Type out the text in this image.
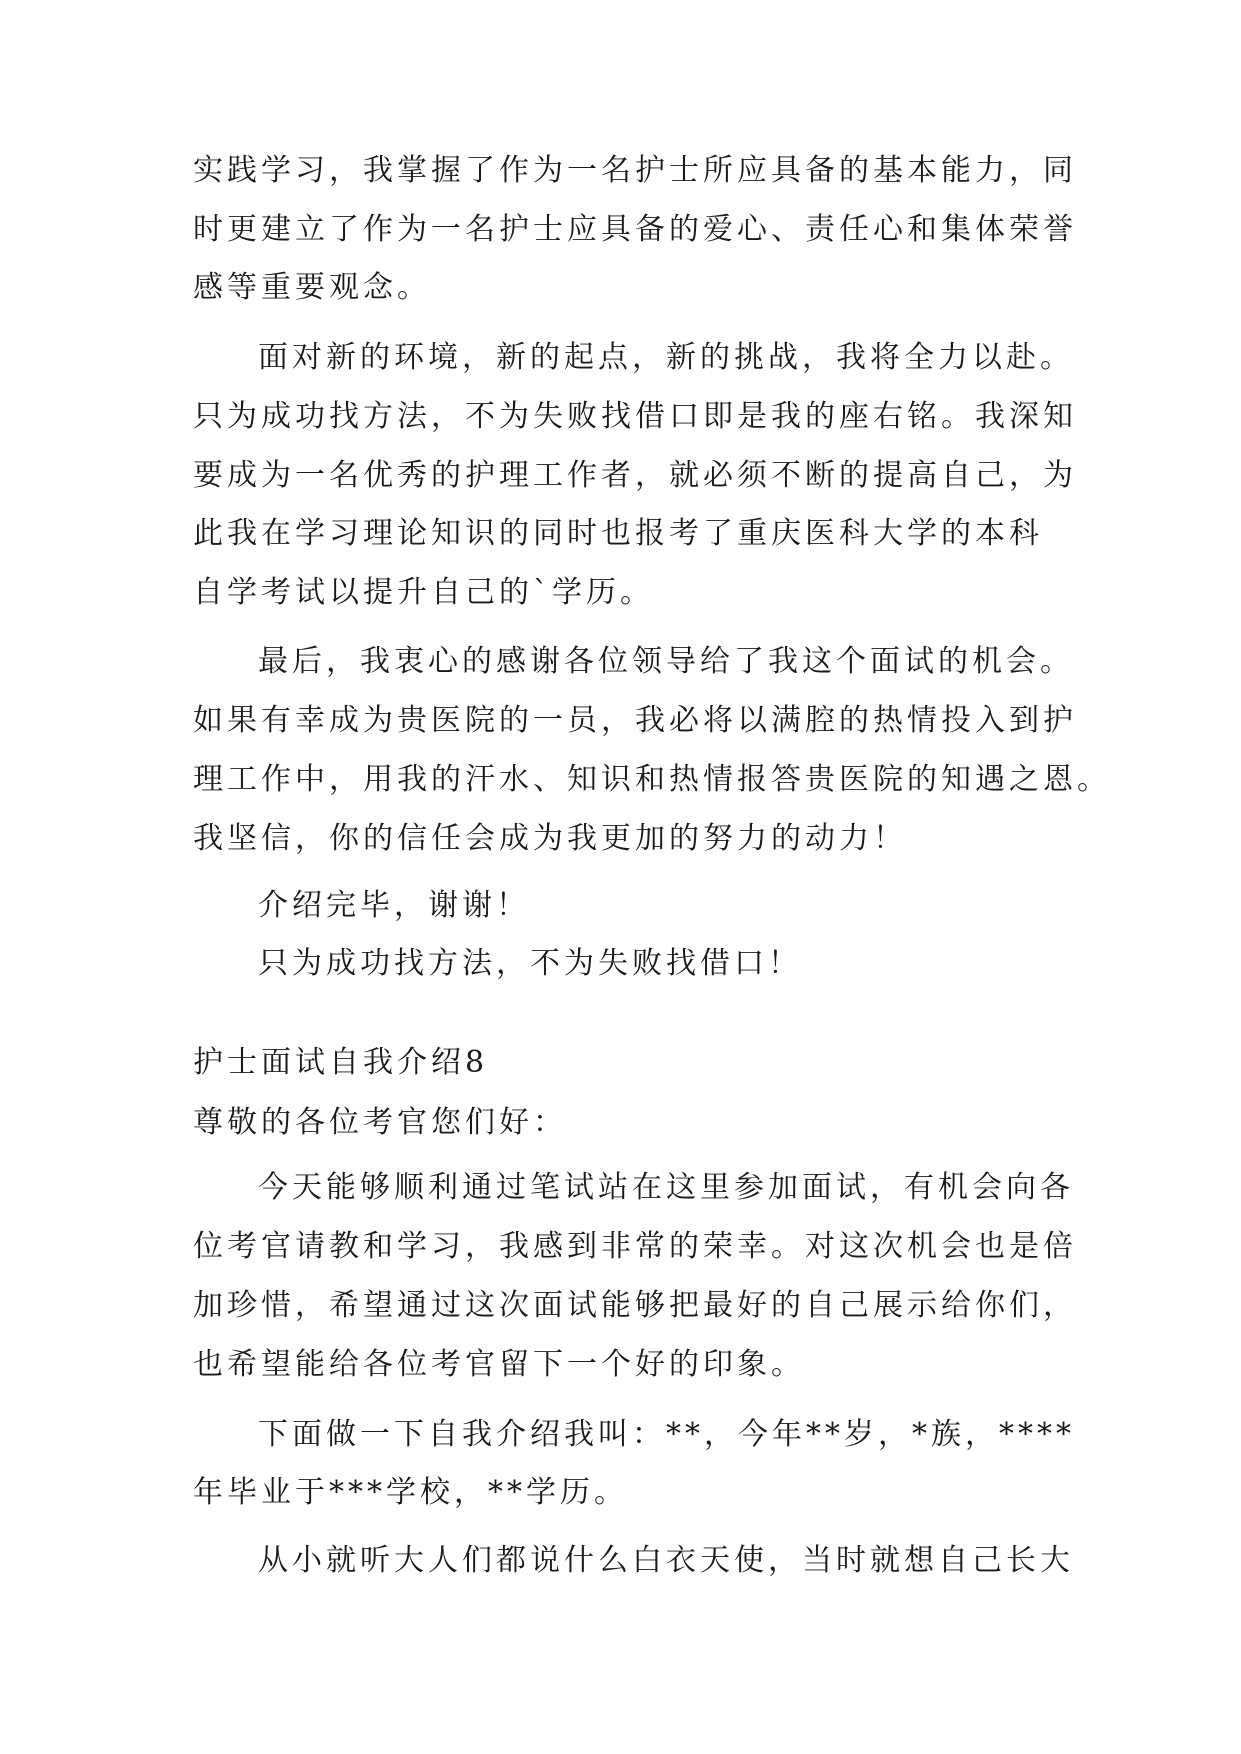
实践学习，我掌握了作为一名护士所应具备的基本能力，同
时更建立了作为一名护士应具备的爱心、责任心和集体荣誉
感等重要观念。
面对新的环境，新的起点，新的挑战，我将全力以赴。
只为成功找方法，不为失败找借口即是我的座右铭。我深知
要成为一名优秀的护理工作者，就必须不断的提高自己，为
此我在学习理论知识的同时也报考了重庆医科大学的本科
自学考试以提升自己的`学历。
最后，我衷心的感谢各位领导给了我这个面试的机会。
如果有幸成为贵医院的一员，我必将以满腔的热情投入到护
理工作中，用我的汗水、知识和热情报答贵医院的知遇之恩。
我坚信，你的信任会成为我更加的努力的动力！
介绍完毕，谢谢！
只为成功找方法，不为失败找借口！
护士面试自我介绍8
尊敬的各位考官您们好：
今天能够顺利通过笔试站在这里参加面试，有机会向各
位考官请教和学习，我感到非常的荣幸。对这次机会也是倍
加珍惜，希望通过这次面试能够把最好的自己展示给你们，
也希望能给各位考官留下一个好的印象。
下面做一下自我介绍我叫：**，今年**岁，*族，****
年毕业于***学校，**学历。
从小就听大人们都说什么白衣天使，当时就想自己长大
